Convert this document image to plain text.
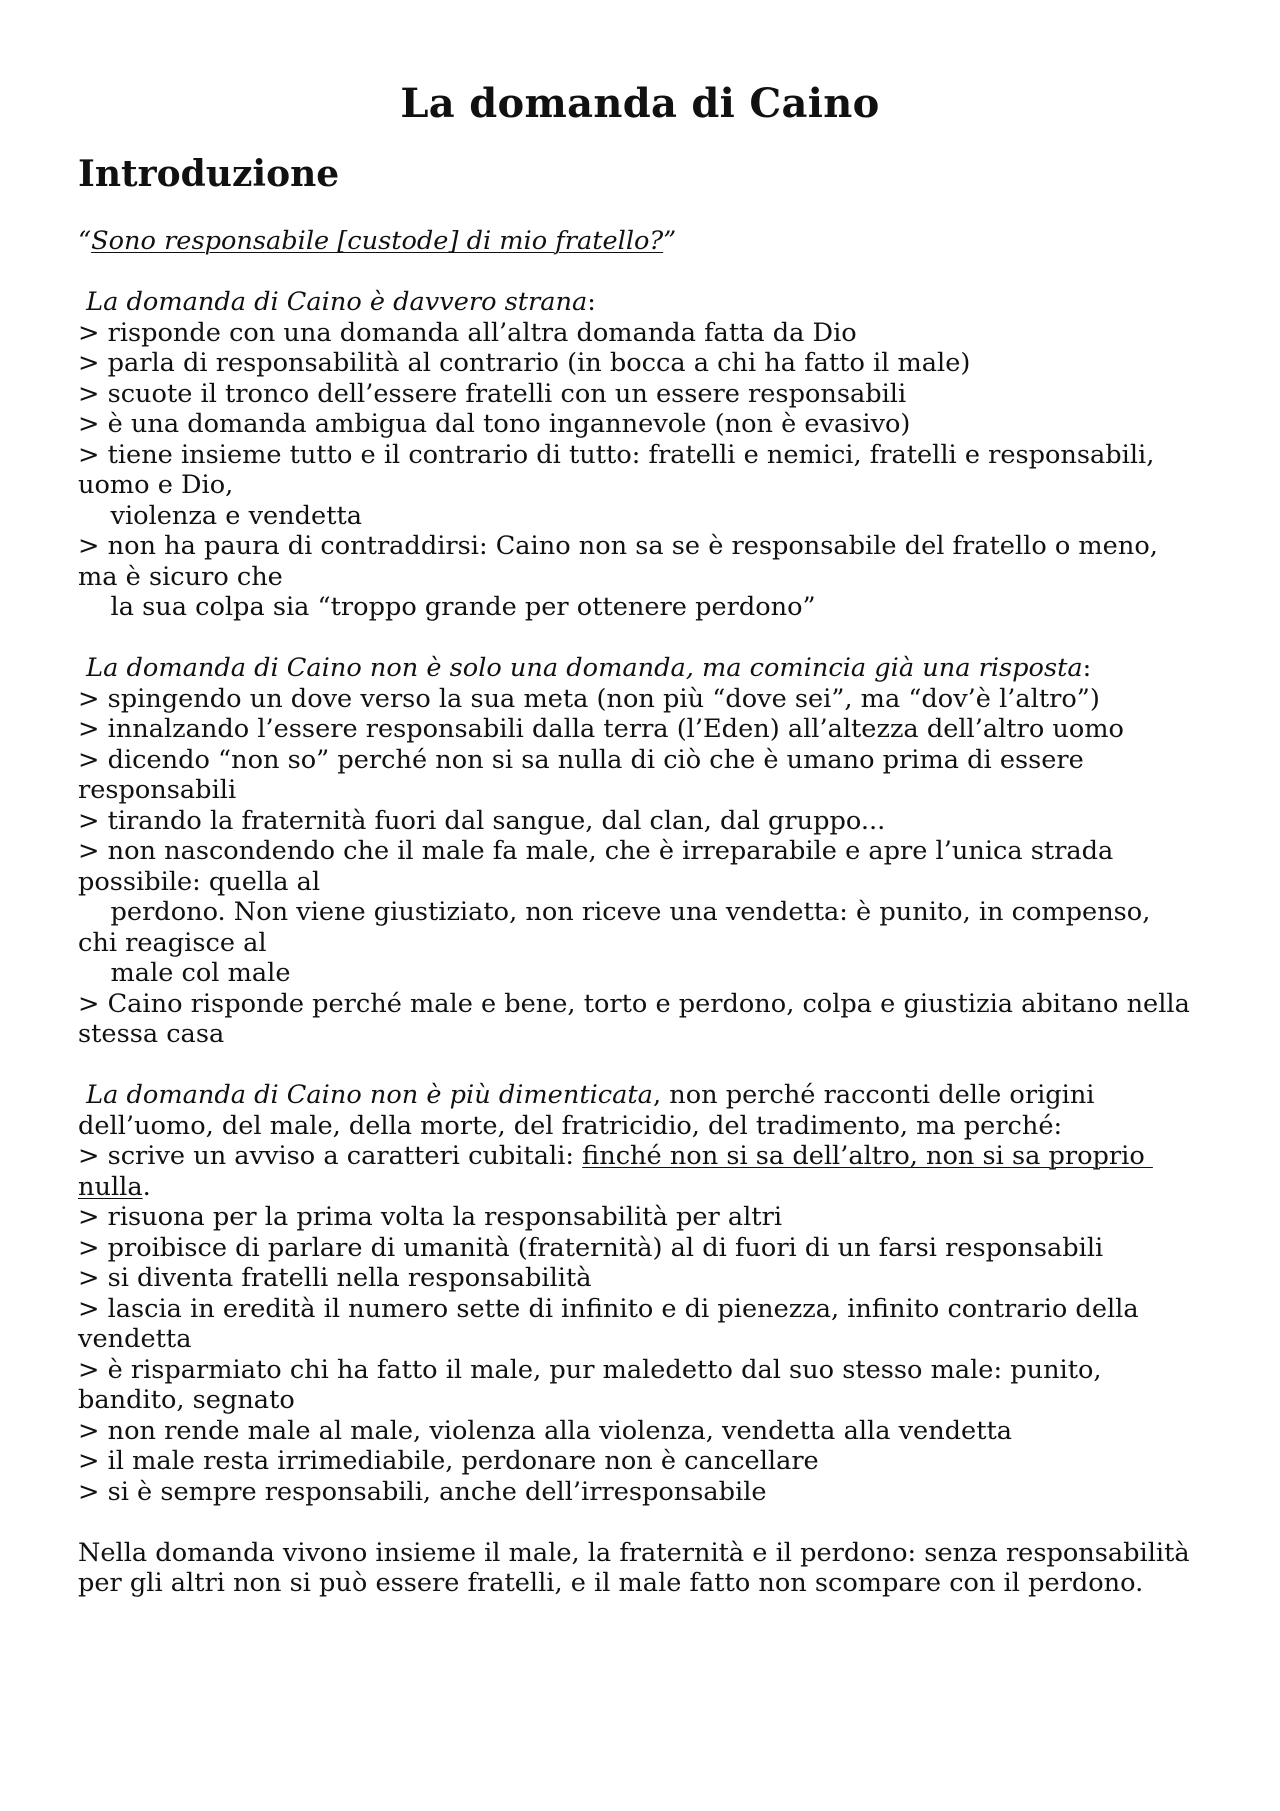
La domanda di Caino
Introduzione

“Sono responsabile [custode] di mio fratello?”

La domanda di Caino è davvero strana:

> risponde con una domanda all’altra domanda fatta da Dio

> parla di responsabilità al contrario (in bocca a chi ha fatto il male)

> scuote il tronco dell’essere fratelli con un essere responsabili

> è una domanda ambigua dal tono ingannevole (non è evasivo)

> tiene insieme tutto e il contrario di tutto: fratelli e nemici, fratelli e responsabili,

uomo e Dio,

violenza e vendetta

> non ha paura di contraddirsi: Caino non sa se è responsabile del fratello o meno,

ma è sicuro che

la sua colpa sia “troppo grande per ottenere perdono”

La domanda di Caino non è solo una domanda, ma comincia già una risposta:

> spingendo un dove verso la sua meta (non più “dove sei”, ma “dov’è l’altro”)

> innalzando l’essere responsabili dalla terra (l’Eden) all’altezza dell’altro uomo

> dicendo “non so” perché non si sa nulla di ciò che è umano prima di essere

responsabili

> tirando la fraternità fuori dal sangue, dal clan, dal gruppo...

> non nascondendo che il male fa male, che è irreparabile e apre l’unica strada

possibile: quella al

perdono. Non viene giustiziato, non riceve una vendetta: è punito, in compenso,

chi reagisce al

male col male

> Caino risponde perché male e bene, torto e perdono, colpa e giustizia abitano nella

stessa casa

La domanda di Caino non è più dimenticata, non perché racconti delle origini

dell’uomo, del male, della morte, del fratricidio, del tradimento, ma perché:

> scrive un avviso a caratteri cubitali: finché non si sa dell’altro, non si sa proprio

nulla.

> risuona per la prima volta la responsabilità per altri

> proibisce di parlare di umanità (fraternità) al di fuori di un farsi responsabili

> si diventa fratelli nella responsabilità

> lascia in eredità il numero sette di infinito e di pienezza, infinito contrario della

vendetta

> è risparmiato chi ha fatto il male, pur maledetto dal suo stesso male: punito,

bandito, segnato

> non rende male al male, violenza alla violenza, vendetta alla vendetta

> il male resta irrimediabile, perdonare non è cancellare

> si è sempre responsabili, anche dell’irresponsabile

Nella domanda vivono insieme il male, la fraternità e il perdono: senza responsabilità

per gli altri non si può essere fratelli, e il male fatto non scompare con il perdono.
